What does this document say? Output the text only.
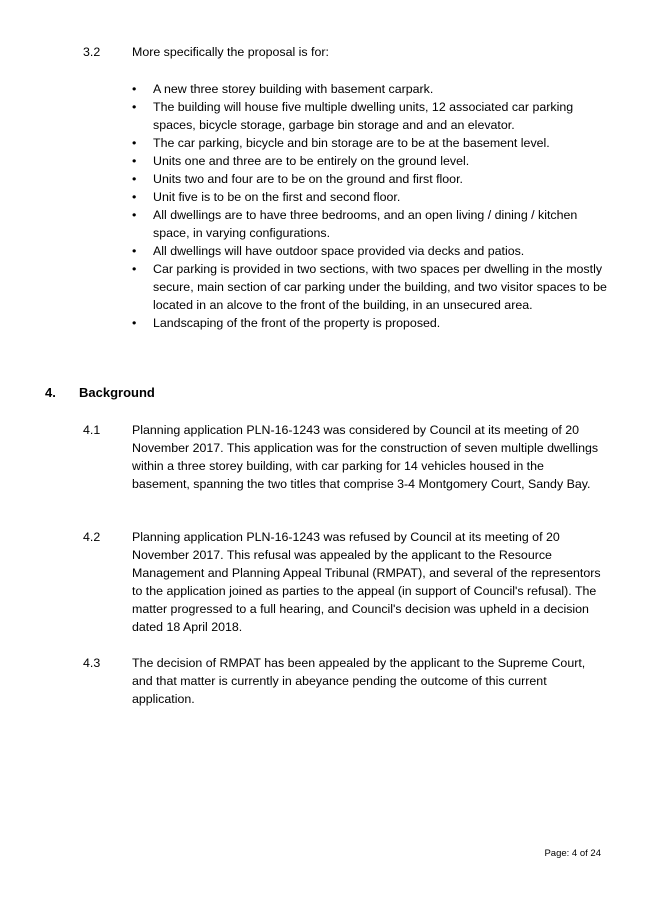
3.2	More specifically the proposal is for:
•	A new three storey building with basement carpark.
•	The building will house five multiple dwelling units, 12 associated car parking spaces, bicycle storage, garbage bin storage and and an elevator.
•	The car parking, bicycle and bin storage are to be at the basement level.
•	Units one and three are to be entirely on the ground level.
•	Units two and four are to be on the ground and first floor.
•	Unit five is to be on the first and second floor.
•	All dwellings are to have three bedrooms, and an open living / dining / kitchen space, in varying configurations.
•	All dwellings will have outdoor space provided via decks and patios.
•	Car parking is provided in two sections, with two spaces per dwelling in the mostly secure, main section of car parking under the building, and two visitor spaces to be located in an alcove to the front of the building, in an unsecured area.
•	Landscaping of the front of the property is proposed.
4. Background
4.1	Planning application PLN-16-1243 was considered by Council at its meeting of 20 November 2017. This application was for the construction of seven multiple dwellings within a three storey building, with car parking for 14 vehicles housed in the basement, spanning the two titles that comprise 3-4 Montgomery Court, Sandy Bay.
4.2	Planning application PLN-16-1243 was refused by Council at its meeting of 20 November 2017. This refusal was appealed by the applicant to the Resource Management and Planning Appeal Tribunal (RMPAT), and several of the representors to the application joined as parties to the appeal (in support of Council's refusal). The matter progressed to a full hearing, and Council's decision was upheld in a decision dated 18 April 2018.
4.3	The decision of RMPAT has been appealed by the applicant to the Supreme Court, and that matter is currently in abeyance pending the outcome of this current application.
Page: 4 of 24
